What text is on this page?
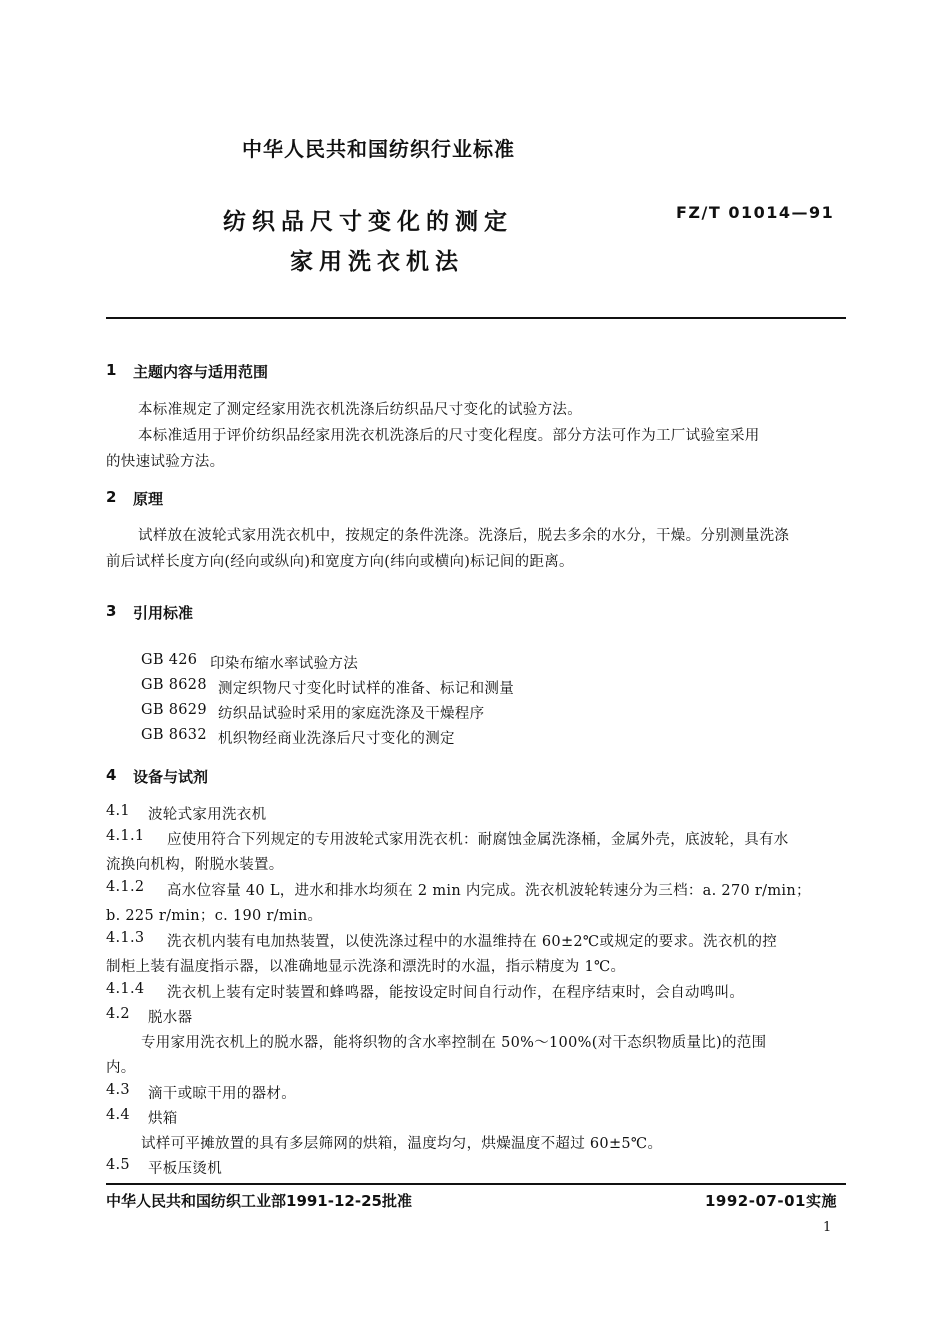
中华人民共和国纺织行业标准
纺织品尺寸变化的测定
家用洗衣机法
FZ/T 01014—91
1 主题内容与适用范围
本标准规定了测定经家用洗衣机洗涤后纺织品尺寸变化的试验方法。
本标准适用于评价纺织品经家用洗衣机洗涤后的尺寸变化程度。部分方法可作为工厂试验室采用
的快速试验方法。
2 原理
试样放在波轮式家用洗衣机中，按规定的条件洗涤。洗涤后，脱去多余的水分，干燥。分别测量洗涤
前后试样长度方向(经向或纵向)和宽度方向(纬向或横向)标记间的距离。
3 引用标准
GB 426 印染布缩水率试验方法
GB 8628 测定织物尺寸变化时试样的准备、标记和测量
GB 8629 纺织品试验时采用的家庭洗涤及干燥程序
GB 8632 机织物经商业洗涤后尺寸变化的测定
4 设备与试剂
4.1 波轮式家用洗衣机
4.1.1 应使用符合下列规定的专用波轮式家用洗衣机：耐腐蚀金属洗涤桶，金属外壳，底波轮，具有水
流换向机构，附脱水装置。
4.1.2 高水位容量 40 L，进水和排水均须在 2 min 内完成。洗衣机波轮转速分为三档：a. 270 r/min；
b. 225 r/min；c. 190 r/min。
4.1.3 洗衣机内装有电加热装置，以使洗涤过程中的水温维持在 60±2℃或规定的要求。洗衣机的控
制柜上装有温度指示器，以准确地显示洗涤和漂洗时的水温，指示精度为 1℃。
4.1.4 洗衣机上装有定时装置和蜂鸣器，能按设定时间自行动作，在程序结束时，会自动鸣叫。
4.2 脱水器
专用家用洗衣机上的脱水器，能将织物的含水率控制在 50%～100%(对干态织物质量比)的范围
内。
4.3 滴干或晾干用的器材。
4.4 烘箱
试样可平摊放置的具有多层筛网的烘箱，温度均匀，烘燥温度不超过 60±5℃。
4.5 平板压烫机
中华人民共和国纺织工业部1991-12-25批准	1992-07-01实施
1
